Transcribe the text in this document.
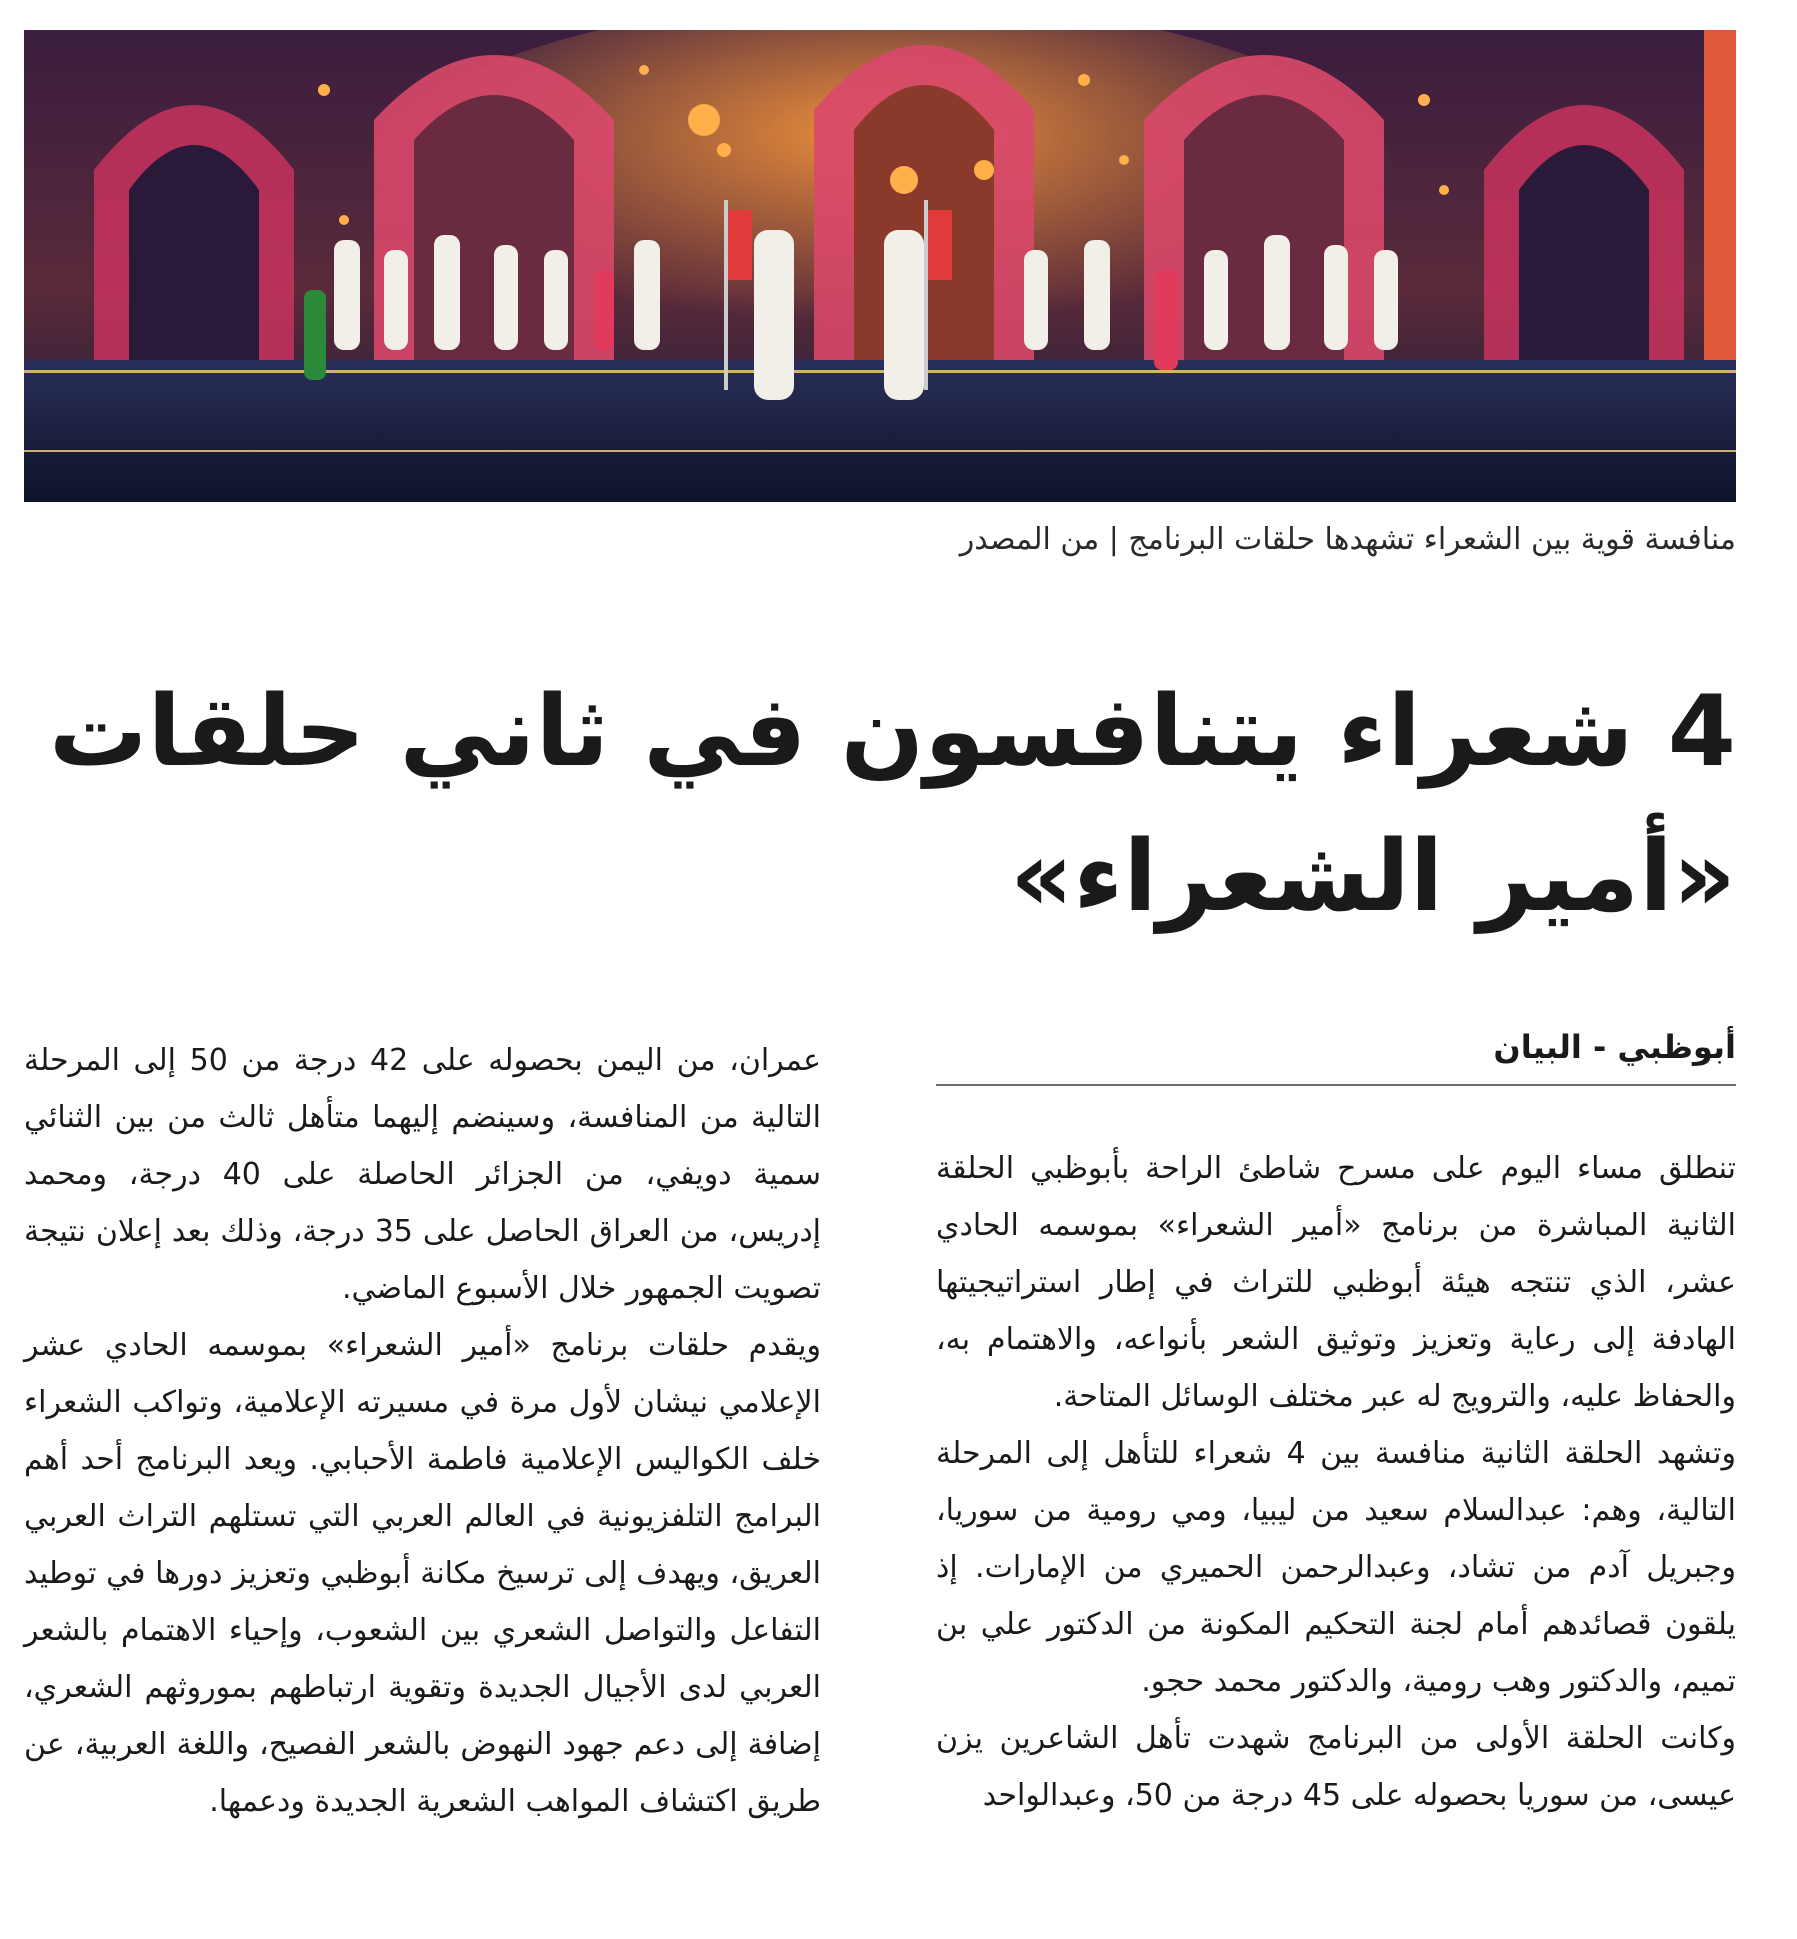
منافسة قوية بين الشعراء تشهدها حلقات البرنامج | من المصدر
4 شعراء يتنافسون في ثاني حلقات
«أمير الشعراء»
أبوظبي - البيان

تنطلق مساء اليوم على مسرح شاطئ الراحة بأبوظبي الحلقة الثانية المباشرة من برنامج «أمير الشعراء» بموسمه الحادي عشر، الذي تنتجه هيئة أبوظبي للتراث في إطار استراتيجيتها الهادفة إلى رعاية وتعزيز وتوثيق الشعر بأنواعه، والاهتمام به، والحفاظ عليه، والترويج له عبر مختلف الوسائل المتاحة.

وتشهد الحلقة الثانية منافسة بين 4 شعراء للتأهل إلى المرحلة التالية، وهم: عبدالسلام سعيد من ليبيا، ومي رومية من سوريا، وجبريل آدم من تشاد، وعبدالرحمن الحميري من الإمارات. إذ يلقون قصائدهم أمام لجنة التحكيم المكونة من الدكتور علي بن تميم، والدكتور وهب رومية، والدكتور محمد حجو.

وكانت الحلقة الأولى من البرنامج شهدت تأهل الشاعرين يزن عيسى، من سوريا بحصوله على 45 درجة من 50، وعبدالواحد

عمران، من اليمن بحصوله على 42 درجة من 50 إلى المرحلة التالية من المنافسة، وسينضم إليهما متأهل ثالث من بين الثنائي سمية دويفي، من الجزائر الحاصلة على 40 درجة، ومحمد إدريس، من العراق الحاصل على 35 درجة، وذلك بعد إعلان نتيجة تصويت الجمهور خلال الأسبوع الماضي.

ويقدم حلقات برنامج «أمير الشعراء» بموسمه الحادي عشر الإعلامي نيشان لأول مرة في مسيرته الإعلامية، وتواكب الشعراء خلف الكواليس الإعلامية فاطمة الأحبابي. ويعد البرنامج أحد أهم البرامج التلفزيونية في العالم العربي التي تستلهم التراث العربي العريق، ويهدف إلى ترسيخ مكانة أبوظبي وتعزيز دورها في توطيد التفاعل والتواصل الشعري بين الشعوب، وإحياء الاهتمام بالشعر العربي لدى الأجيال الجديدة وتقوية ارتباطهم بموروثهم الشعري، إضافة إلى دعم جهود النهوض بالشعر الفصيح، واللغة العربية، عن طريق اكتشاف المواهب الشعرية الجديدة ودعمها.
